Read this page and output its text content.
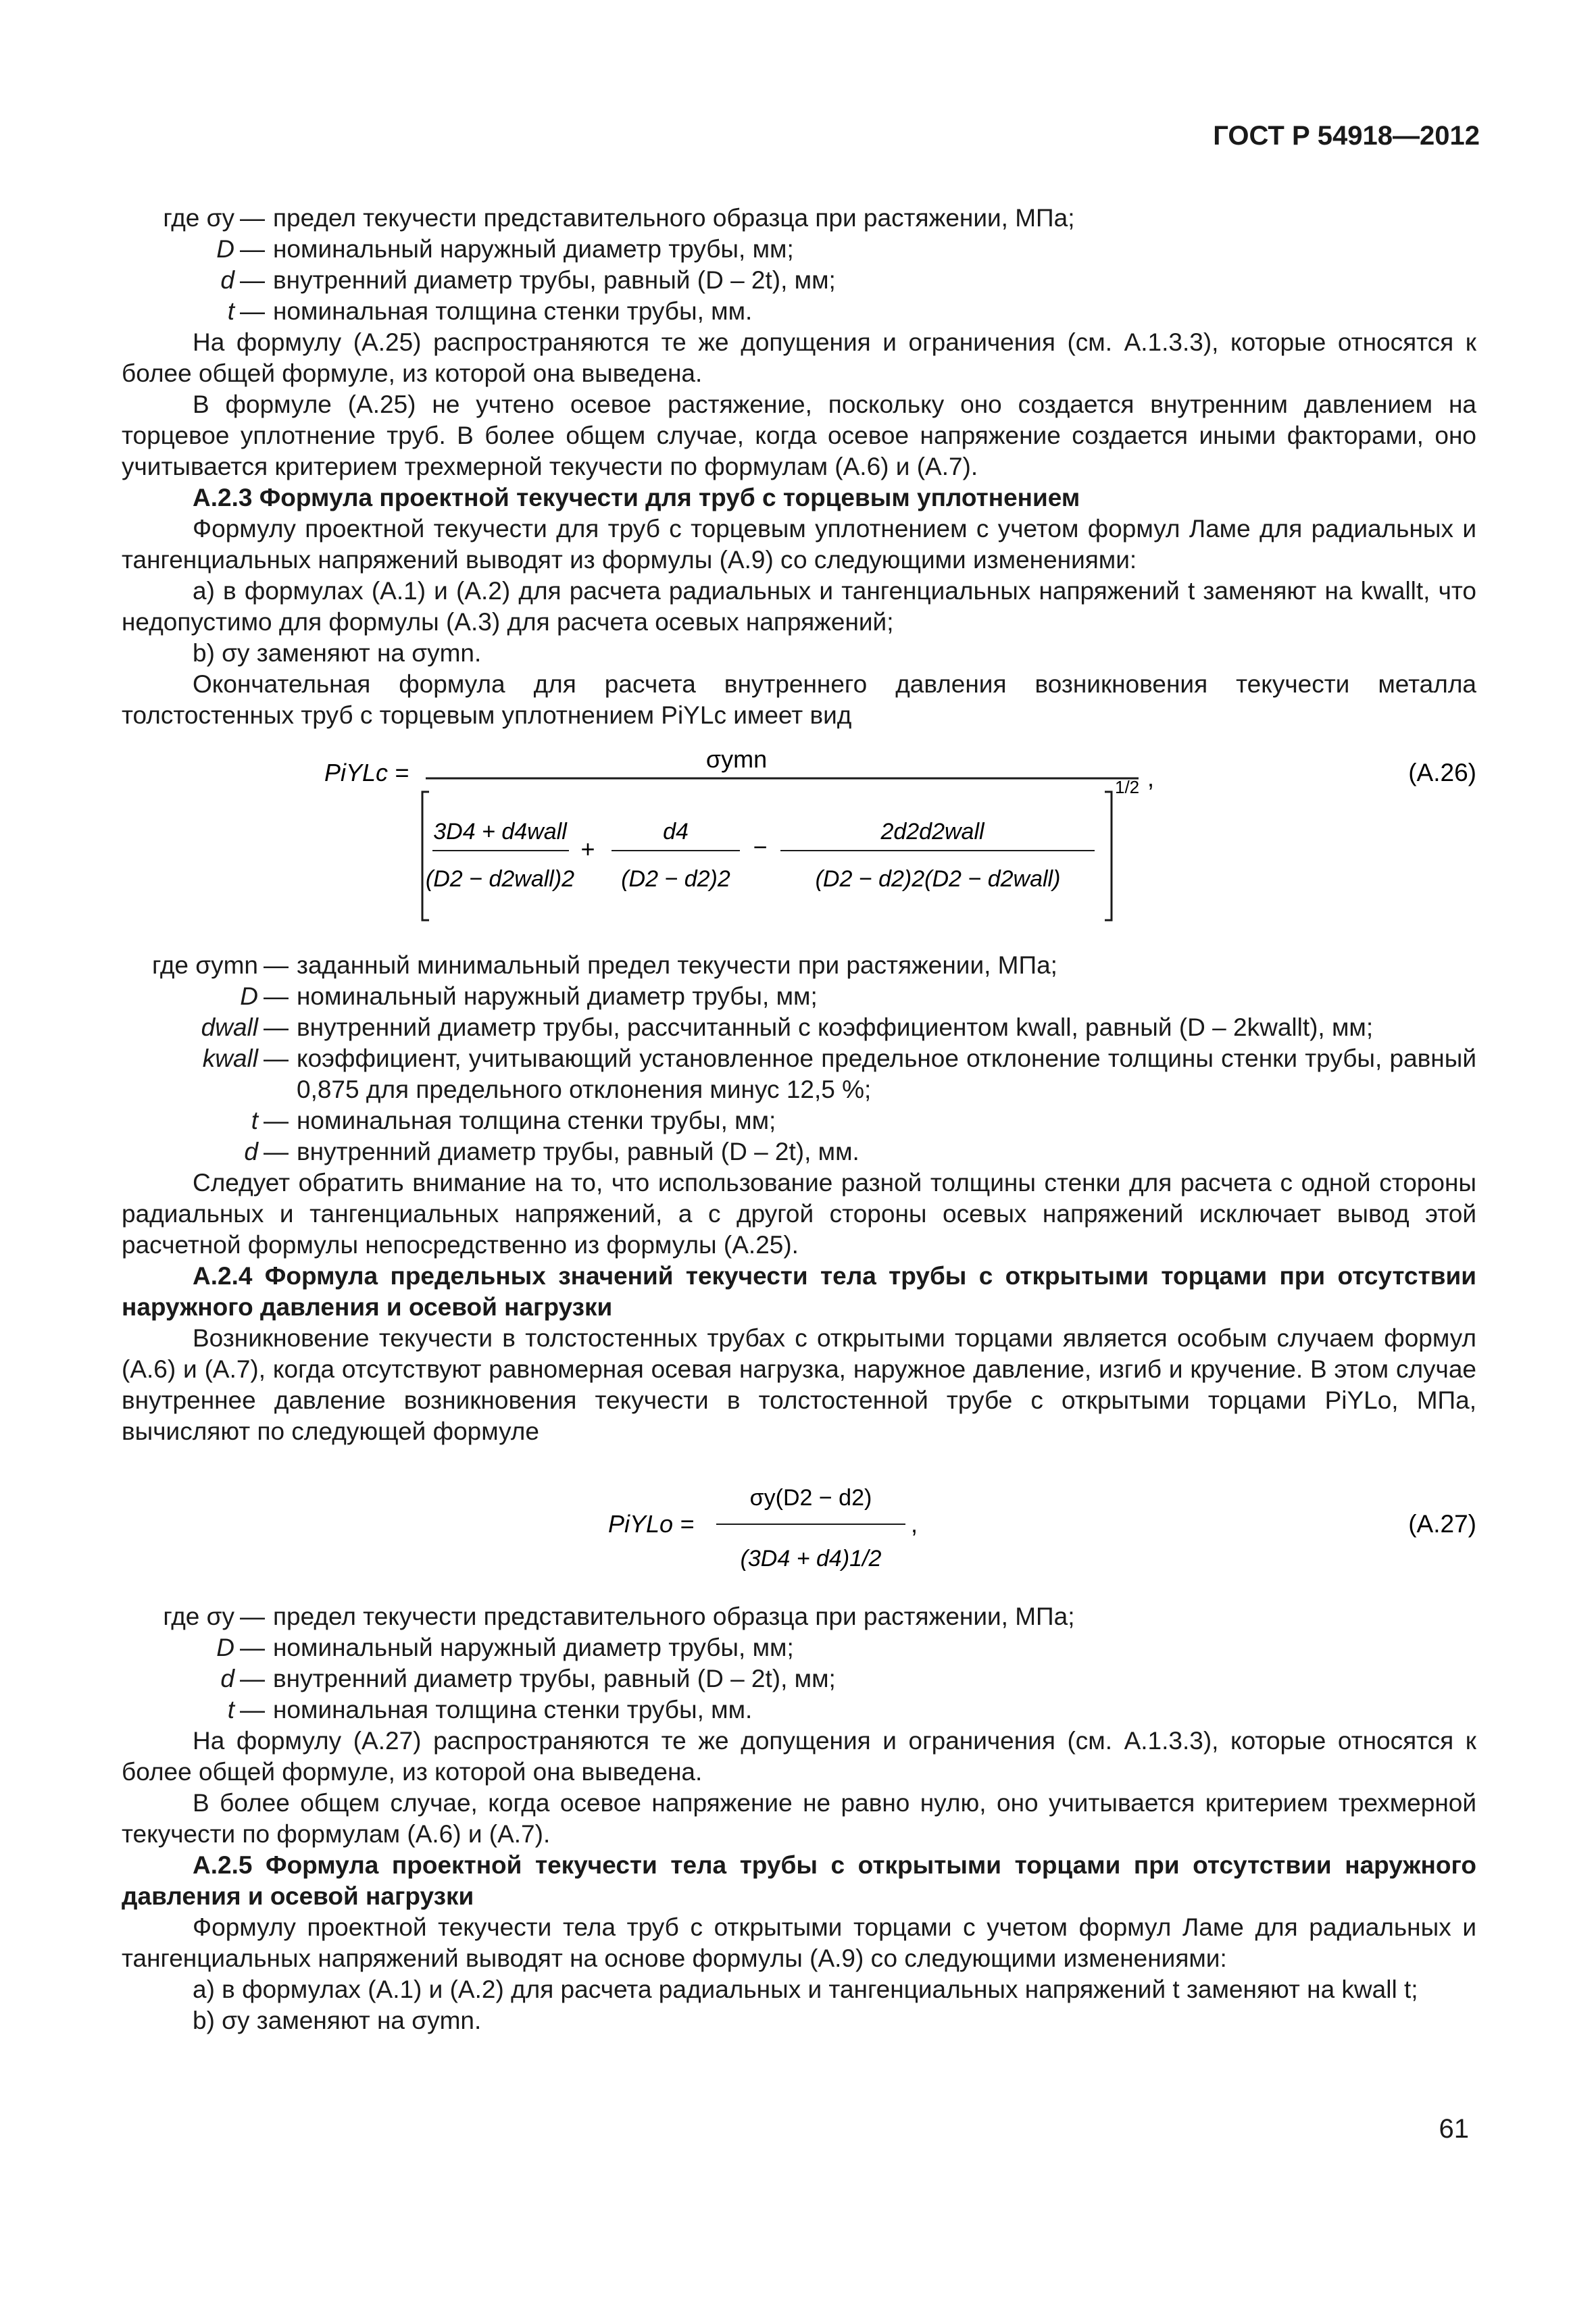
ГОСТ Р 54918—2012
где σy — предел текучести представительного образца при растяжении, МПа;
D — номинальный наружный диаметр трубы, мм;
d — внутренний диаметр трубы, равный (D – 2t), мм;
t — номинальная толщина стенки трубы, мм.

На формулу (A.25) распространяются те же допущения и ограничения (см. A.1.3.3), которые относятся к более общей формуле, из которой она выведена.

В формуле (A.25) не учтено осевое растяжение, поскольку оно создается внутренним давлением на торцевое уплотнение труб. В более общем случае, когда осевое напряжение создается иными факторами, оно учитывается критерием трехмерной текучести по формулам (A.6) и (A.7).

A.2.3 Формула проектной текучести для труб с торцевым уплотнением

Формулу проектной текучести для труб с торцевым уплотнением с учетом формул Ламе для радиальных и тангенциальных напряжений выводят из формулы (A.9) со следующими изменениями:

a) в формулах (A.1) и (A.2) для расчета радиальных и тангенциальных напряжений t заменяют на kwallt, что недопустимо для формулы (A.3) для расчета осевых напряжений;

b) σy заменяют на σymn.

Окончательная формула для расчета внутреннего давления возникновения текучести металла толстостенных труб с торцевым уплотнением PiYLc имеет вид

PiYLc =	σymn
1/2 ,
3D4 + d4wall
(D2 − d2wall)2
+
d4
(D2 − d2)2
−
2d2d2wall
(D2 − d2)2(D2 − d2wall)
(A.26)
где σymn — заданный минимальный предел текучести при растяжении, МПа;
D — номинальный наружный диаметр трубы, мм;
dwall — внутренний диаметр трубы, рассчитанный с коэффициентом kwall, равный (D – 2kwallt), мм;
kwall — коэффициент, учитывающий установленное предельное отклонение толщины стенки трубы, равный 0,875 для предельного отклонения минус 12,5 %;
t — номинальная толщина стенки трубы, мм;
d — внутренний диаметр трубы, равный (D – 2t), мм.

Следует обратить внимание на то, что использование разной толщины стенки для расчета с одной стороны радиальных и тангенциальных напряжений, а с другой стороны осевых напряжений исключает вывод этой расчетной формулы непосредственно из формулы (A.25).

A.2.4 Формула предельных значений текучести тела трубы с открытыми торцами при отсутствии наружного давления и осевой нагрузки

Возникновение текучести в толстостенных трубах с открытыми торцами является особым случаем формул (A.6) и (A.7), когда отсутствуют равномерная осевая нагрузка, наружное давление, изгиб и кручение. В этом случае внутреннее давление возникновения текучести в толстостенной трубе с открытыми торцами PiYLo, МПа, вычисляют по следующей формуле

PiYLo =
σy(D2 − d2)
(3D4 + d4)1/2
,	(A.27)
где σy — предел текучести представительного образца при растяжении, МПа;
D — номинальный наружный диаметр трубы, мм;
d — внутренний диаметр трубы, равный (D – 2t), мм;
t — номинальная толщина стенки трубы, мм.

На формулу (A.27) распространяются те же допущения и ограничения (см. A.1.3.3), которые относятся к более общей формуле, из которой она выведена.

В более общем случае, когда осевое напряжение не равно нулю, оно учитывается критерием трехмерной текучести по формулам (A.6) и (A.7).

A.2.5 Формула проектной текучести тела трубы с открытыми торцами при отсутствии наружного давления и осевой нагрузки

Формулу проектной текучести тела труб с открытыми торцами с учетом формул Ламе для радиальных и тангенциальных напряжений выводят на основе формулы (A.9) со следующими изменениями:

a) в формулах (A.1) и (A.2) для расчета радиальных и тангенциальных напряжений t заменяют на kwall t;

b) σy заменяют на σymn.

61
